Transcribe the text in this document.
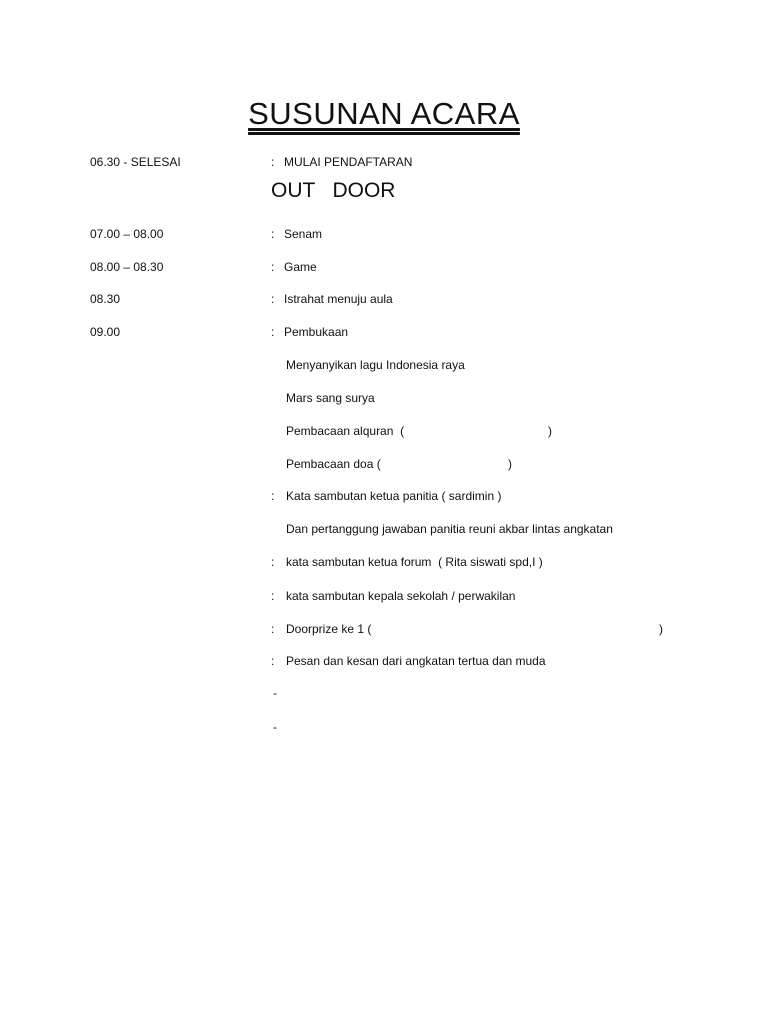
SUSUNAN ACARA
06.30 - SELESAI	: MULAI PENDAFTARAN
OUT   DOOR
07.00 – 08.00	: Senam
08.00 – 08.30	: Game
08.30	: Istrahat menuju aula
09.00	: Pembukaan
Menyanyikan lagu Indonesia raya
Mars sang surya
Pembacaan alquran  (	)
Pembacaan doa (	)
: Kata sambutan ketua panitia ( sardimin )
Dan pertanggung jawaban panitia reuni akbar lintas angkatan
: kata sambutan ketua forum  ( Rita siswati spd,I )
: kata sambutan kepala sekolah / perwakilan
: Doorprize ke 1 (	)
: Pesan dan kesan dari angkatan tertua dan muda
-
-
